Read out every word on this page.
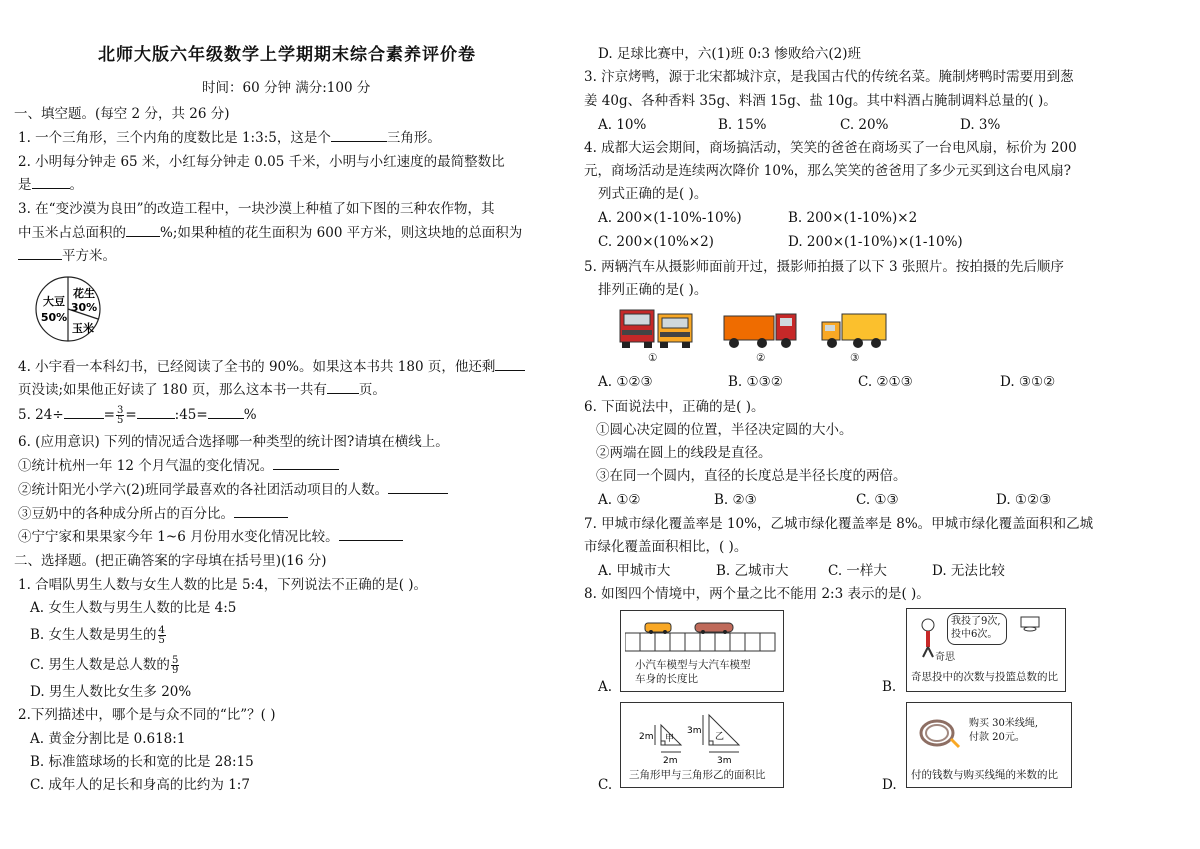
北师大版六年级数学上学期期末综合素养评价卷
时间：60 分钟 满分:100 分
一、填空题。(每空 2 分，共 26 分)
1. 一个三角形，三个内角的度数比是 1:3:5，这是个	三角形。
2. 小明每分钟走 65 米，小红每分钟走 0.05 千米，小明与小红速度的最简整数比
是	。
3. 在“变沙漠为良田”的改造工程中，一块沙漠上种植了如下图的三种农作物，其
中玉米占总面积的	%;如果种植的花生面积为 600 平方米，则这块地的总面积为
平方米。
大豆
50%
花生
30%
玉米
4. 小宇看一本科幻书，已经阅读了全书的 90%。如果这本书共 180 页，他还剩
页没读;如果他正好读了 180 页，那么这本书一共有 页。
5. 24÷	= $\frac{3}{5}$ =	:45=	%
6. (应用意识) 下列的情况适合选择哪一种类型的统计图?请填在横线上。
①统计杭州一年 12 个月气温的变化情况。
②统计阳光小学六(2)班同学最喜欢的各社团活动项目的人数。
③豆奶中的各种成分所占的百分比。
④宁宁家和果果家今年 1~6 月份用水变化情况比较。
二、选择题。(把正确答案的字母填在括号里)(16 分)
1. 合唱队男生人数与女生人数的比是 5:4，下列说法不正确的是( )。
A. 女生人数与男生人数的比是 4:5
B. 女生人数是男生的 $\frac{4}{5}$
C. 男生人数是总人数的 $\frac{5}{9}$
D. 男生人数比女生多 20%
2.下列描述中，哪个是与众不同的“比”？( )
A. 黄金分割比是 0.618:1
B. 标准篮球场的长和宽的比是 28:15
C. 成年人的足长和身高的比约为 1:7
D. 足球比赛中，六(1)班 0:3 惨败给六(2)班
3. 汴京烤鸭，源于北宋都城汴京，是我国古代的传统名菜。腌制烤鸭时需要用到葱
姜 40g、各种香料 35g、料酒 15g、盐 10g。其中料酒占腌制调料总量的( )。
A. 10%	B. 15%	C. 20%	D. 3%
4. 成都大运会期间，商场搞活动，笑笑的爸爸在商场买了一台电风扇，标价为 200
元，商场活动是连续两次降价 10%，那么笑笑的爸爸用了多少元买到这台电风扇?
列式正确的是( )。
A. 200×(1-10%-10%)	B. 200×(1-10%)×2
C. 200×(10%×2)	D. 200×(1-10%)×(1-10%)
5. 两辆汽车从摄影师面前开过，摄影师拍摄了以下 3 张照片。按拍摄的先后顺序
排列正确的是( )。
①	②	③
A. ①②③	B. ①③②	C. ②①③	D. ③①②
6. 下面说法中，正确的是( )。
①圆心决定圆的位置，半径决定圆的大小。
②两端在圆上的线段是直径。
③在同一个圆内，直径的长度总是半径长度的两倍。
A. ①②	B. ②③	C. ①③	D. ①②③
7. 甲城市绿化覆盖率是 10%，乙城市绿化覆盖率是 8%。甲城市绿化覆盖面积和乙城
市绿化覆盖面积相比，( )。
A. 甲城市大	B. 乙城市大	C. 一样大	D. 无法比较
8. 如图四个情境中，两个量之比不能用 2:3 表示的是( )。
A.
小汽车模型与大汽车模型
车身的长度比	B.
我投了9次,
投中6次。
奇思
奇思投中的次数与投篮总数的比
C.
2m
2m
3m
3m
甲	乙
三角形甲与三角形乙的面积比
D.
购买 30米线绳,
付款 20元。
付的钱数与购买线绳的米数的比
